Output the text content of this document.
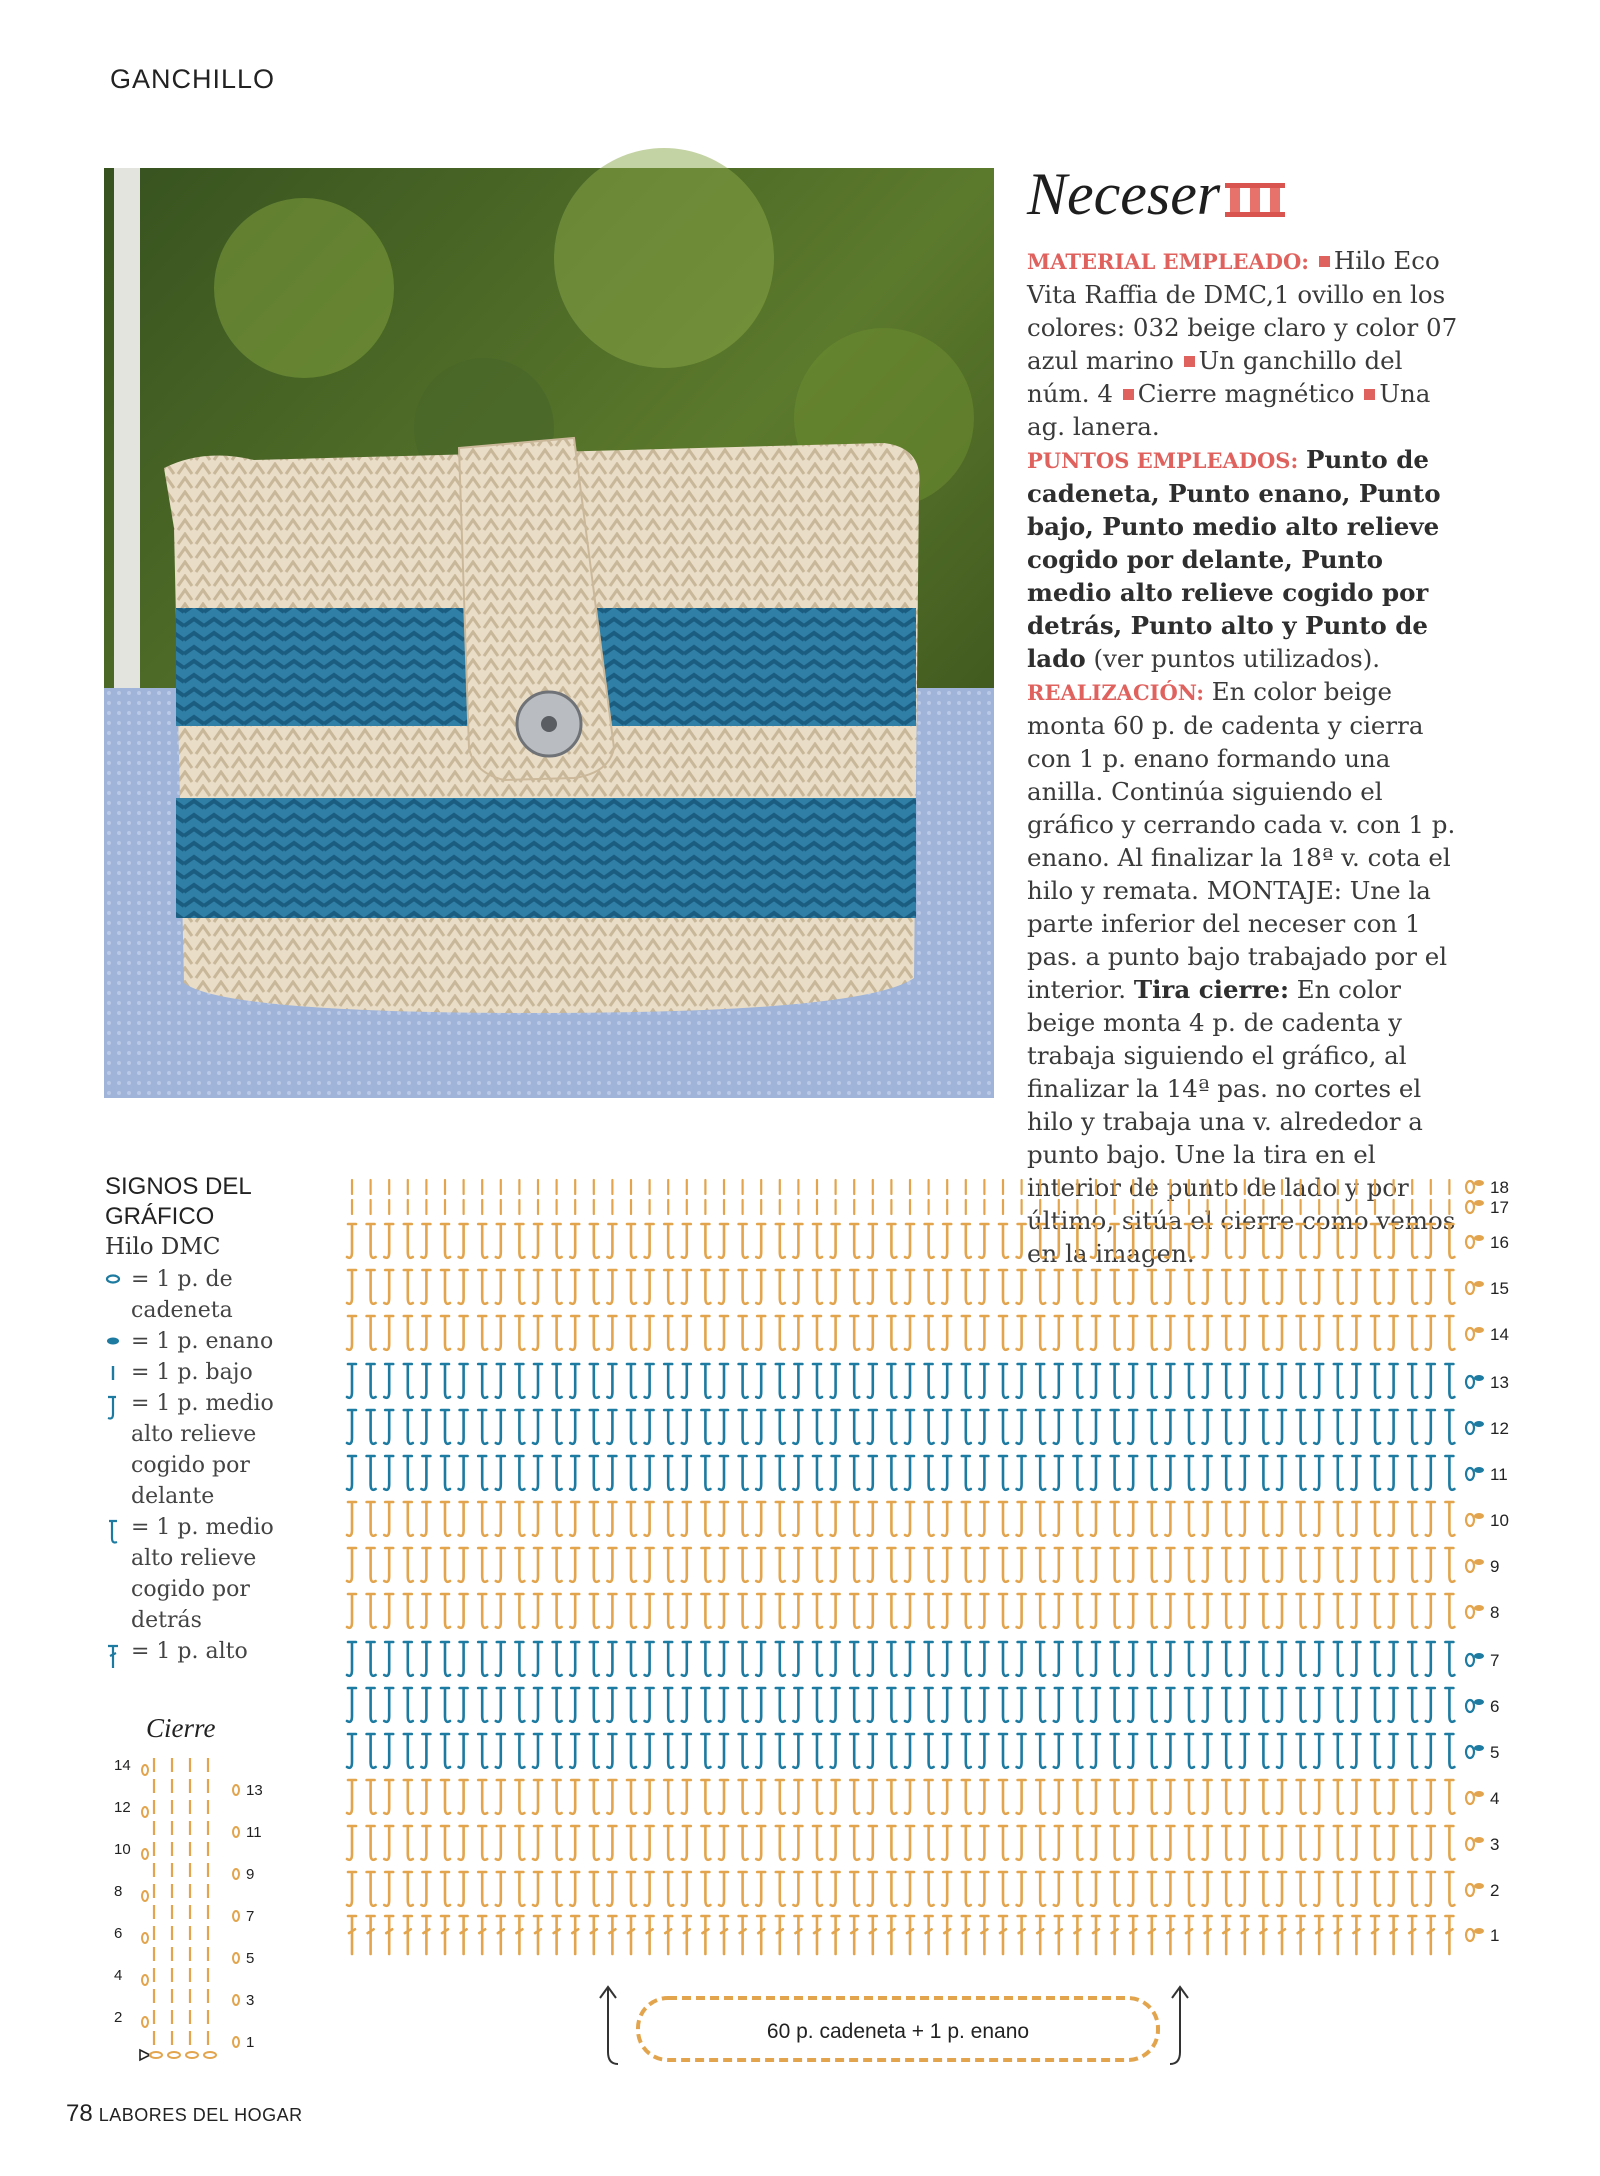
GANCHILLO
Neceser
MATERIAL EMPLEADO: Hilo Eco Vita Raffia de DMC,1 ovillo en los colores: 032 beige claro y color 07 azul marino Un ganchillo del núm. 4 Cierre magnético Una ag. lanera.
PUNTOS EMPLEADOS: Punto de cadeneta, Punto enano, Punto bajo, Punto medio alto relieve cogido por delante, Punto medio alto relieve cogido por detrás, Punto alto y Punto de lado (ver puntos utilizados).
REALIZACIÓN: En color beige monta 60 p. de cadenta y cierra con 1 p. enano formando una anilla. Continúa siguiendo el gráfico y cerrando cada v. con 1 p. enano. Al finalizar la 18ª v. cota el hilo y remata. MONTAJE: Une la parte inferior del neceser con 1 pas. a punto bajo trabajado por el interior. Tira cierre: En color beige monta 4 p. de cadenta y trabaja siguiendo el gráfico, al finalizar la 14ª pas. no cortes el hilo y trabaja una v. alrededor a punto bajo. Une la tira en el interior de punto de lado y por último, sitúa el cierre como vemos en la imagen.
SIGNOS DEL GRÁFICO
Hilo DMC
= 1 p. de cadeneta
= 1 p. enano
= 1 p. bajo
= 1 p. medio alto relieve cogido por delante
= 1 p. medio alto relieve cogido por detrás
= 1 p. alto
Cierre
14
12
10
8
6
4
2
13
11
9
7
5
3
1
18
17
16
15
14
13
12
11
10
9
8
7
6
5
4
3
2
1
60 p. cadeneta + 1 p. enano
78 LABORES DEL HOGAR
